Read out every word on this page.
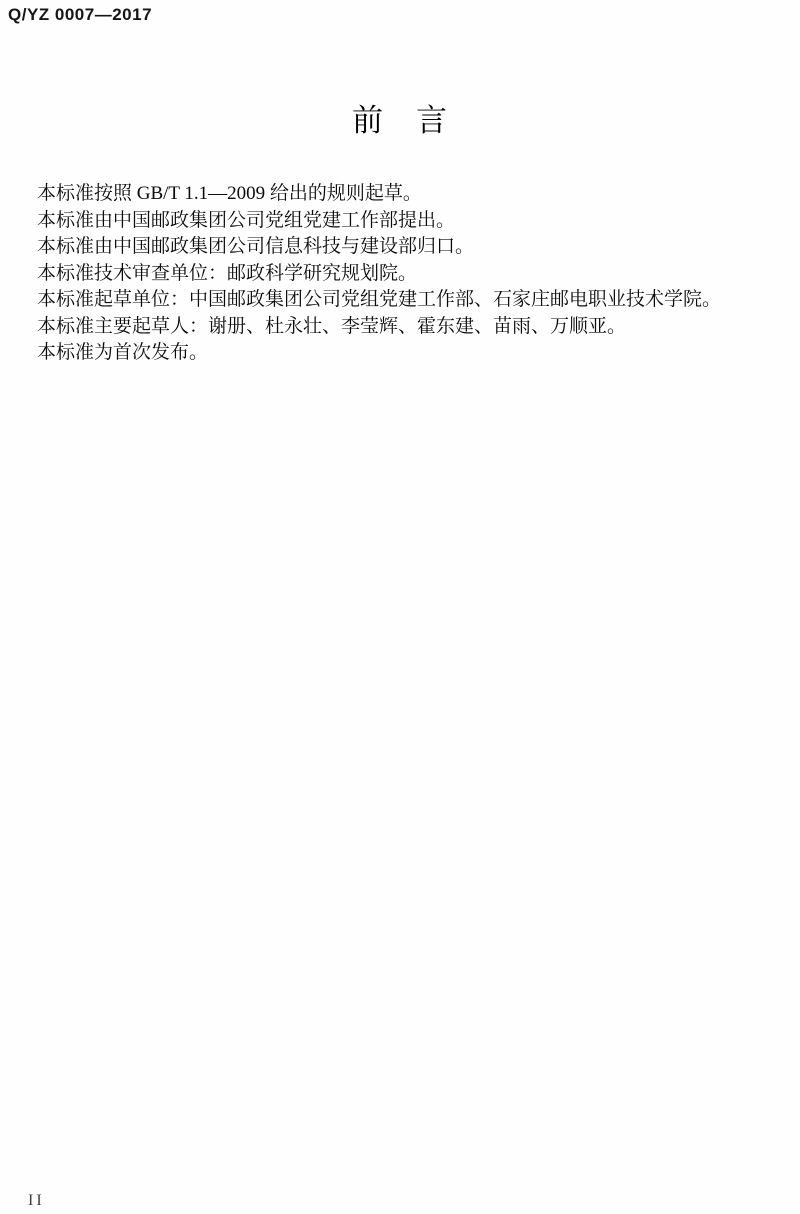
Q/YZ 0007—2017
前　言

本标准按照 GB/T 1.1—2009 给出的规则起草。

本标准由中国邮政集团公司党组党建工作部提出。

本标准由中国邮政集团公司信息科技与建设部归口。

本标准技术审查单位：邮政科学研究规划院。

本标准起草单位：中国邮政集团公司党组党建工作部、石家庄邮电职业技术学院。

本标准主要起草人：谢册、杜永壮、李莹辉、霍东建、苗雨、万顺亚。

本标准为首次发布。

II
